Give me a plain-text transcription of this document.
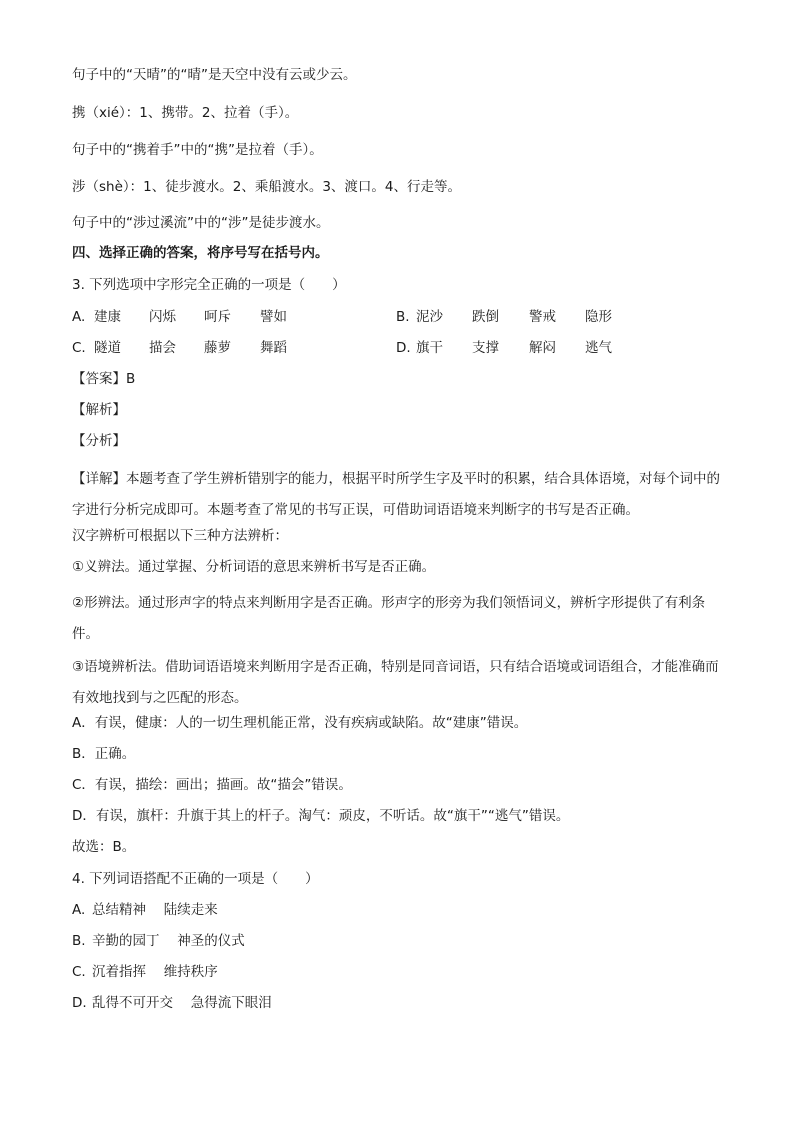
句子中的“天晴”的“晴”是天空中没有云或少云。
携（xié）：1、携带。2、拉着（手）。
句子中的“携着手”中的“携”是拉着（手）。
涉（shè）：1、徒步渡水。2、乘船渡水。3、渡口。4、行走等。
句子中的“涉过溪流”中的“涉”是徒步渡水。
四、选择正确的答案，将序号写在括号内。
3. 下列选项中字形完全正确的一项是（　　）
A. 建康 闪烁 呵斥 譬如	B. 泥沙 跌倒 警戒 隐形
C. 隧道 描会 藤萝 舞蹈	D. 旗干 支撑 解闷 逃气
【答案】B
【解析】
【分析】
【详解】本题考查了学生辨析错别字的能力，根据平时所学生字及平时的积累，结合具体语境，对每个词中的字进行分析完成即可。本题考查了常见的书写正误，可借助词语语境来判断字的书写是否正确。
汉字辨析可根据以下三种方法辨析：
①义辨法。通过掌握、分析词语的意思来辨析书写是否正确。
②形辨法。通过形声字的特点来判断用字是否正确。形声字的形旁为我们领悟词义，辨析字形提供了有利条件。
③语境辨析法。借助词语语境来判断用字是否正确，特别是同音词语，只有结合语境或词语组合，才能准确而有效地找到与之匹配的形态。
A．有误，健康：人的一切生理机能正常，没有疾病或缺陷。故“建康”错误。
B．正确。
C．有误，描绘：画出；描画。故“描会”错误。
D．有误，旗杆：升旗于其上的杆子。淘气：顽皮，不听话。故“旗干”“逃气”错误。
故选：B。
4. 下列词语搭配不正确的一项是（　　）
A. 总结精神　 陆续走来
B. 辛勤的园丁　 神圣的仪式
C. 沉着指挥　 维持秩序
D. 乱得不可开交　 急得流下眼泪
